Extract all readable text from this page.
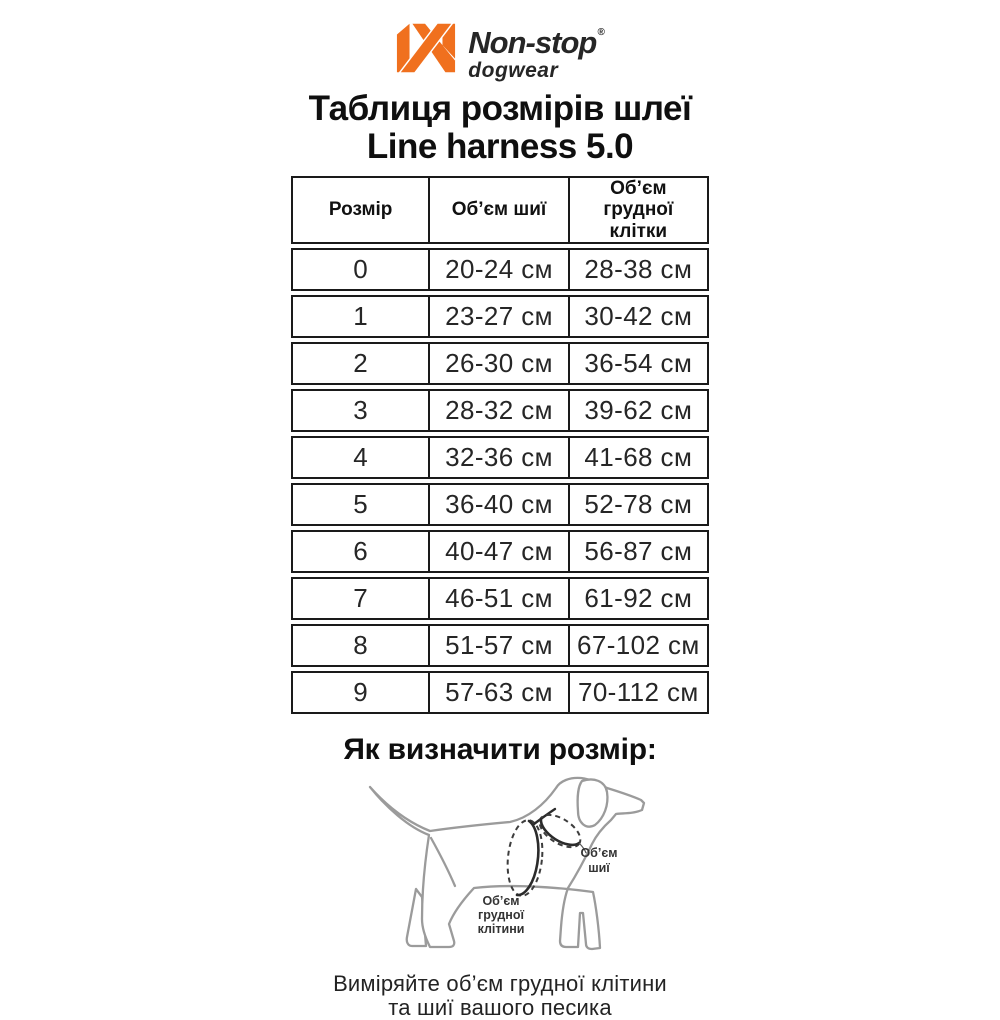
Non-stop®
dogwear
Таблиця розмірів шлеї
Line harness 5.0
Розмір	Об’єм шиї	Об’єм грудної клітки
0	20-24 см	28-38 см
1	23-27 см	30-42 см
2	26-30 см	36-54 см
3	28-32 см	39-62 см
4	32-36 см	41-68 см
5	36-40 см	52-78 см
6	40-47 см	56-87 см
7	46-51 см	61-92 см
8	51-57 см	67-102 см
9	57-63 см	70-112 см
Як визначити розмір:
Об’єм
шиї
Об’єм
грудної
клітини

Виміряйте об’єм грудної клітини
та шиї вашого песика
